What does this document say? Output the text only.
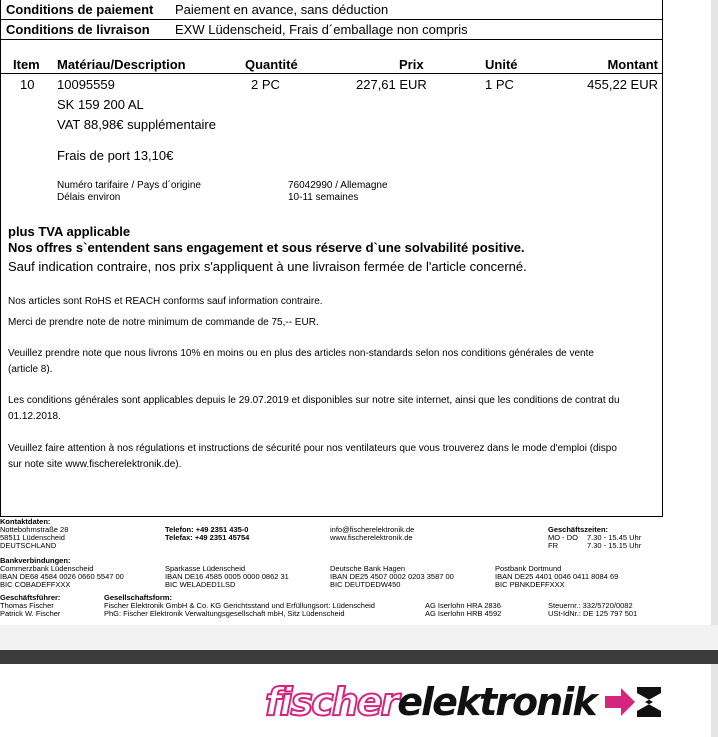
Conditions de paiement Paiement en avance, sans déduction
Conditions de livraison EXW Lüdenscheid, Frais d´emballage non compris
Item Matériau/Description	Quantité	Prix	Unité	Montant
10 10095559	2 PC	227,61 EUR	1 PC	455,22 EUR
SK 159 200 AL
VAT 88,98€ supplémentaire
Frais de port 13,10€
Numéro tarifaire / Pays d´origine	76042990 / Allemagne
Délais environ	10-11 semaines
plus TVA applicable
Nos offres s`entendent sans engagement et sous réserve d`une solvabilité positive.
Sauf indication contraire, nos prix s'appliquent à une livraison fermée de l'article concerné.
Nos articles sont RoHS et REACH conforms sauf information contraire.
Merci de prendre note de notre minimum de commande de 75,-- EUR.
Veuillez prendre note que nous livrons 10% en moins ou en plus des articles non-standards selon nos conditions générales de vente
(article 8).
Les conditions générales sont applicables depuis le 29.07.2019 et disponibles sur notre site internet, ainsi que les conditions de contrat du
01.12.2018.
Veuillez faire attention à nos régulations et instructions de sécurité pour nos ventilateurs que vous trouverez dans le mode d'emploi (dispo
sur note site www.fischerelektronik.de).
Kontaktdaten:
Nottebohmstraße 28
58511 Lüdenscheid
DEUTSCHLAND
Telefon: +49 2351 435-0
Telefax: +49 2351 45754
info@fischerelektronik.de
www.fischerelektronik.de
Geschäftszeiten:
MO - DO 7.30 - 15.45 Uhr
FR	7.30 - 15.15 Uhr
Bankverbindungen:
Commerzbank Lüdenscheid
IBAN DE68 4584 0026 0660 5547 00
BIC COBADEFFXXX
Sparkasse Lüdenscheid
IBAN DE16 4585 0005 0000 0862 31
BIC WELADED1LSD
Deutsche Bank Hagen
IBAN DE25 4507 0002 0203 3587 00
BIC DEUTDEDW450
Postbank Dortmund
IBAN DE25 4401 0046 0411 8084 69
BIC PBNKDEFFXXX
Geschäftsführer:
Thomas Fischer
Patrick W. Fischer
Gesellschaftsform:
Fischer Elektronik GmbH & Co. KG Gerichtsstand und Erfüllungsort: Lüdenscheid
PhG: Fischer Elektronik Verwaltungsgesellschaft mbH, Sitz Lüdenscheid
AG Iserlohn HRA 2836
AG Iserlohn HRB 4592
Steuernr.: 332/5720/0082
USt-IdNr.: DE 125 797 501
fischerelektronik
